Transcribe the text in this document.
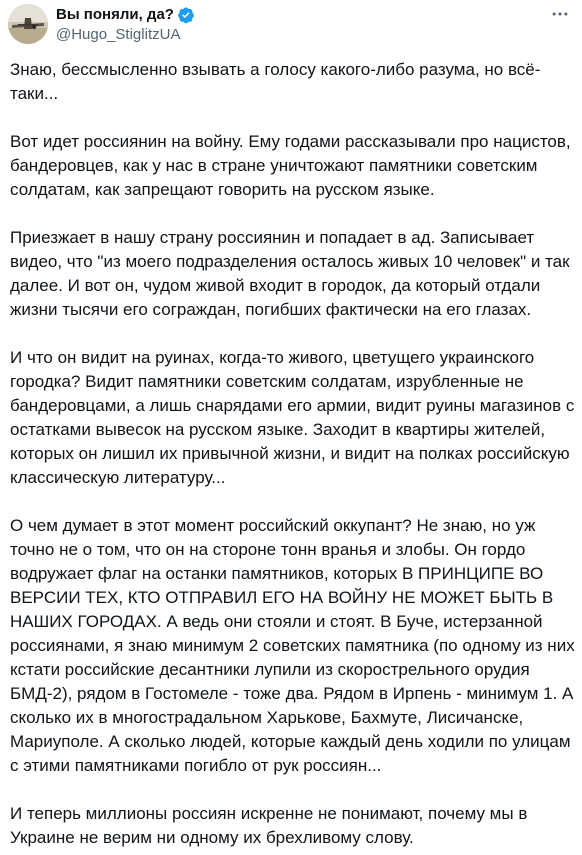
Вы поняли, да?
@Hugo_StiglitzUA

Знаю, бессмысленно взывать а голосу какого-либо разума, но всё-таки...

Вот идет россиянин на войну. Ему годами рассказывали про нацистов, бандеровцев, как у нас в стране уничтожают памятники советским солдатам, как запрещают говорить на русском языке.

Приезжает в нашу страну россиянин и попадает в ад. Записывает видео, что "из моего подразделения осталось живых 10 человек" и так далее. И вот он, чудом живой входит в городок, да который отдали жизни тысячи его сограждан, погибших фактически на его глазах.

И что он видит на руинах, когда-то живого, цветущего украинского городка? Видит памятники советским солдатам, изрубленные не бандеровцами, а лишь снарядами его армии, видит руины магазинов с остатками вывесок на русском языке. Заходит в квартиры жителей, которых он лишил их привычной жизни, и видит на полках российскую классическую литературу...

О чем думает в этот момент российский оккупант? Не знаю, но уж точно не о том, что он на стороне тонн вранья и злобы. Он гордо водружает флаг на останки памятников, которых В ПРИНЦИПЕ ВО ВЕРСИИ ТЕХ, КТО ОТПРАВИЛ ЕГО НА ВОЙНУ НЕ МОЖЕТ БЫТЬ В НАШИХ ГОРОДАХ. А ведь они стояли и стоят. В Буче, истерзанной россиянами, я знаю минимум 2 советских памятника (по одному из них кстати российские десантники лупили из скорострельного орудия БМД-2), рядом в Гостомеле - тоже два. Рядом в Ирпень - минимум 1. А сколько их в многострадальном Харькове, Бахмуте, Лисичанске, Мариуполе. А сколько людей, которые каждый день ходили по улицам с этими памятниками погибло от рук россиян...

И теперь миллионы россиян искренне не понимают, почему мы в Украине не верим ни одному их брехливому слову.
